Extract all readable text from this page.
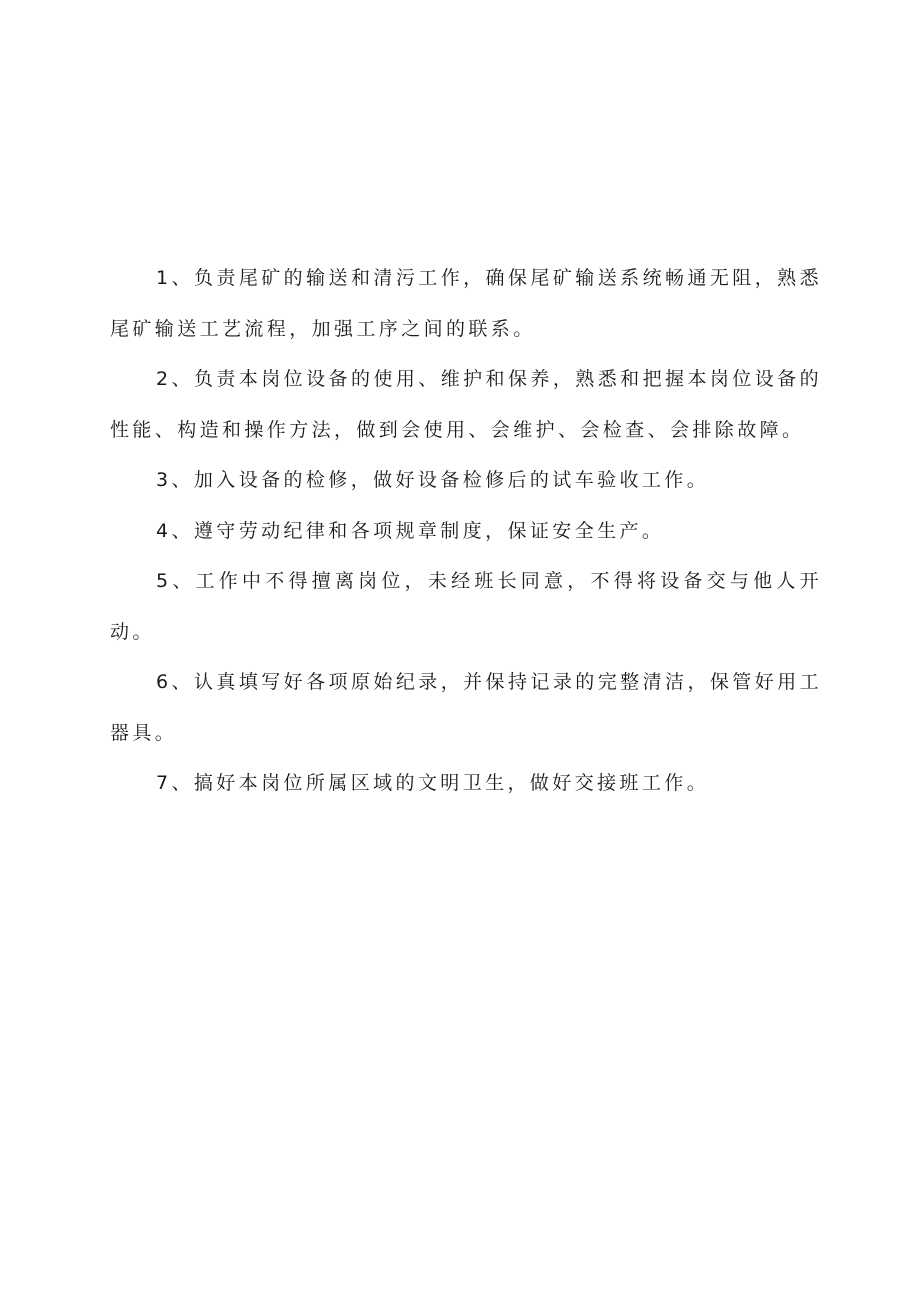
1、负责尾矿的输送和清污工作，确保尾矿输送系统畅通无阻，熟悉尾矿输送工艺流程，加强工序之间的联系。

2、负责本岗位设备的使用、维护和保养，熟悉和把握本岗位设备的性能、构造和操作方法，做到会使用、会维护、会检查、会排除故障。

3、加入设备的检修，做好设备检修后的试车验收工作。

4、遵守劳动纪律和各项规章制度，保证安全生产。

5、工作中不得擅离岗位，未经班长同意，不得将设备交与他人开动。

6、认真填写好各项原始纪录，并保持记录的完整清洁，保管好用工器具。

7、搞好本岗位所属区域的文明卫生，做好交接班工作。
